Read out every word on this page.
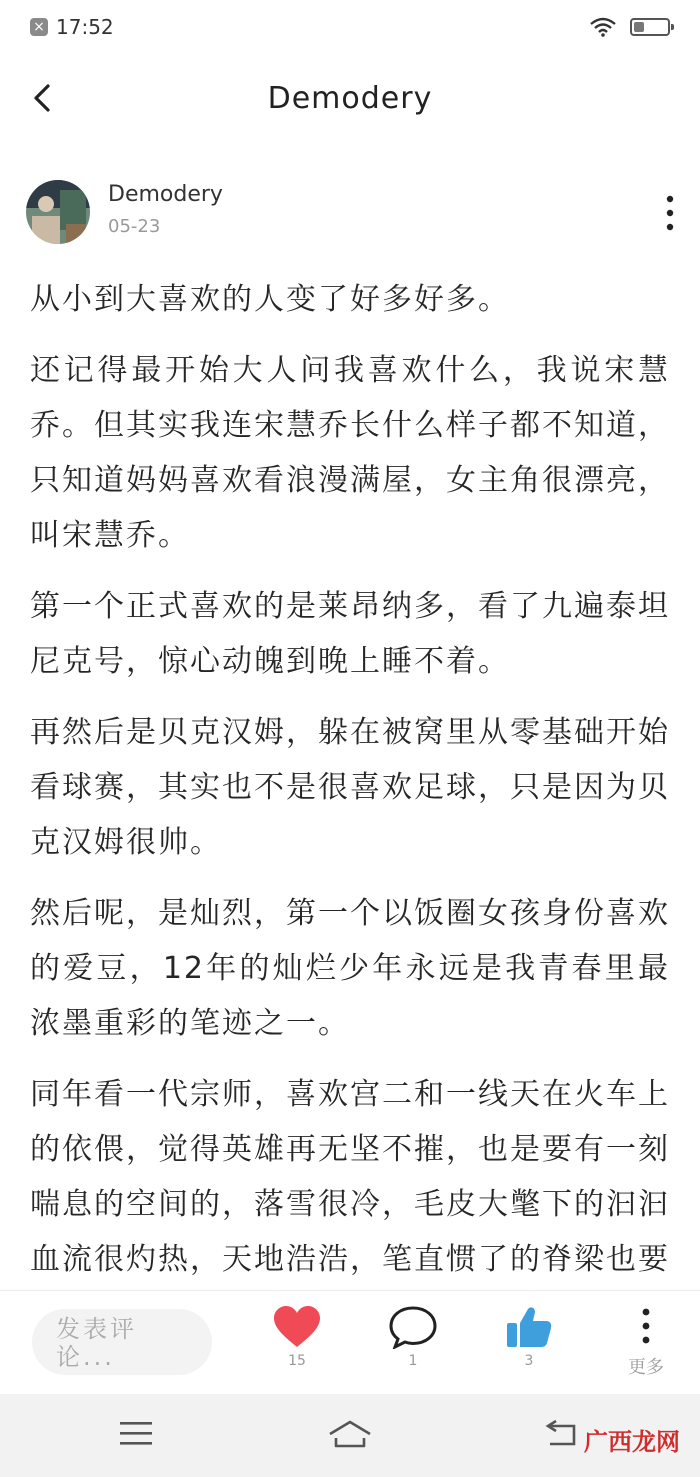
× 17:52
Demodery
Demodery
05-23

从小到大喜欢的人变了好多好多。

还记得最开始大人问我喜欢什么，我说宋慧乔。但其实我连宋慧乔长什么样子都不知道，只知道妈妈喜欢看浪漫满屋，女主角很漂亮，叫宋慧乔。

第一个正式喜欢的是莱昂纳多，看了九遍泰坦尼克号，惊心动魄到晚上睡不着。

再然后是贝克汉姆，躲在被窝里从零基础开始看球赛，其实也不是很喜欢足球，只是因为贝克汉姆很帅。

然后呢，是灿烈，第一个以饭圈女孩身份喜欢的爱豆，12年的灿烂少年永远是我青春里最浓墨重彩的笔迹之一。

同年看一代宗师，喜欢宫二和一线天在火车上的依偎，觉得英雄再无坚不摧，也是要有一刻喘息的空间的，落雪很冷，毛皮大氅下的汩汩血流很灼热，天地浩浩，笔直惯了的脊梁也要

发表评论...	15	1	3	更多
广西龙网
